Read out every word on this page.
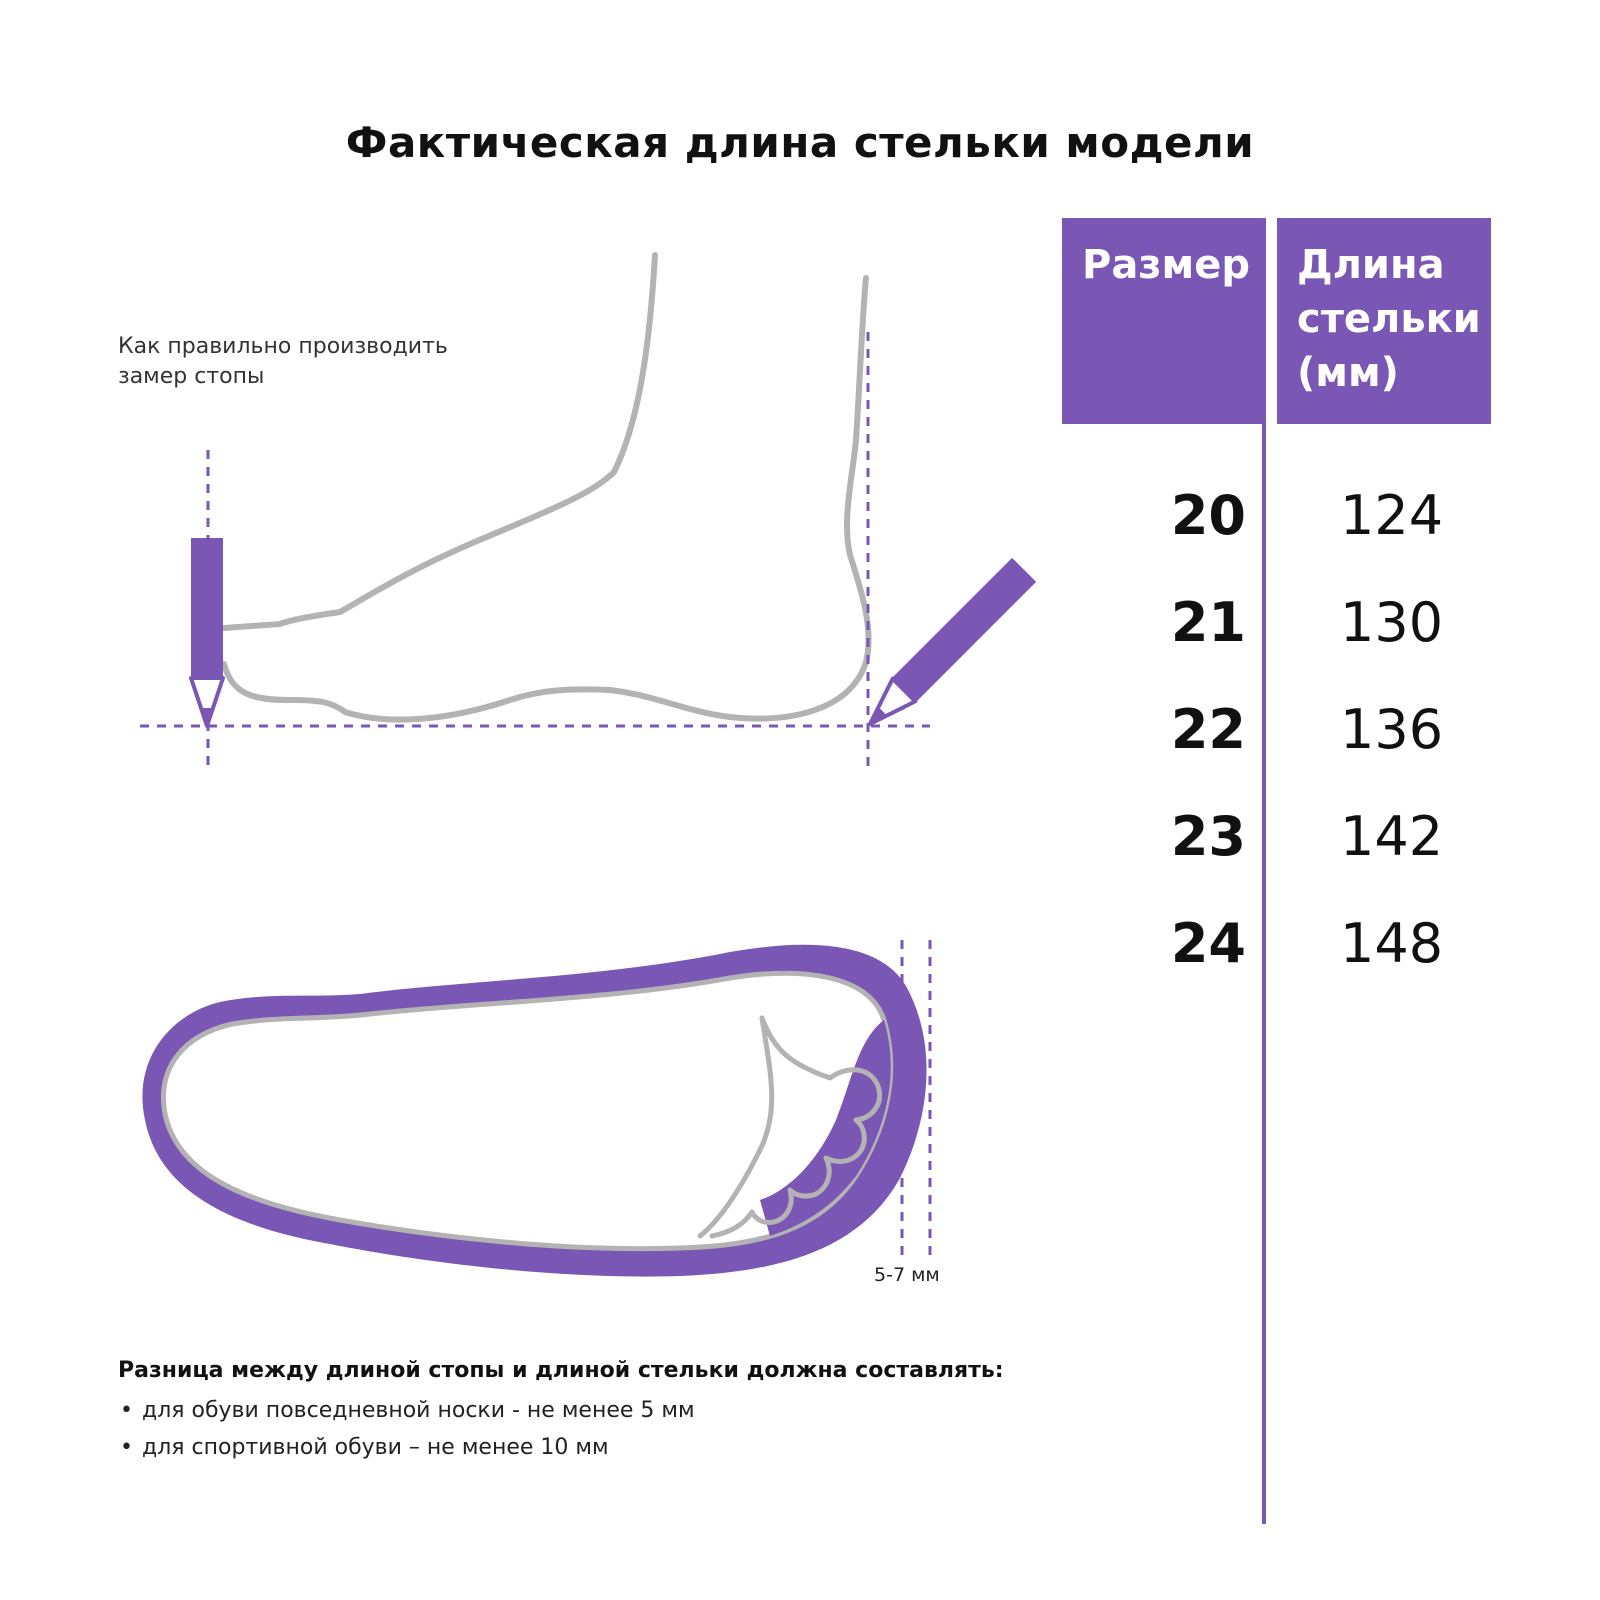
Фактическая длина стельки модели
Как правильно производить
замер стопы
5-7 мм
Размер	Длина
стельки
(мм)
20 124
21 130
22 136
23 142
24 148
Разница между длиной стопы и длиной стельки должна составлять:
• для обуви повседневной носки - не менее 5 мм
• для спортивной обуви – не менее 10 мм
